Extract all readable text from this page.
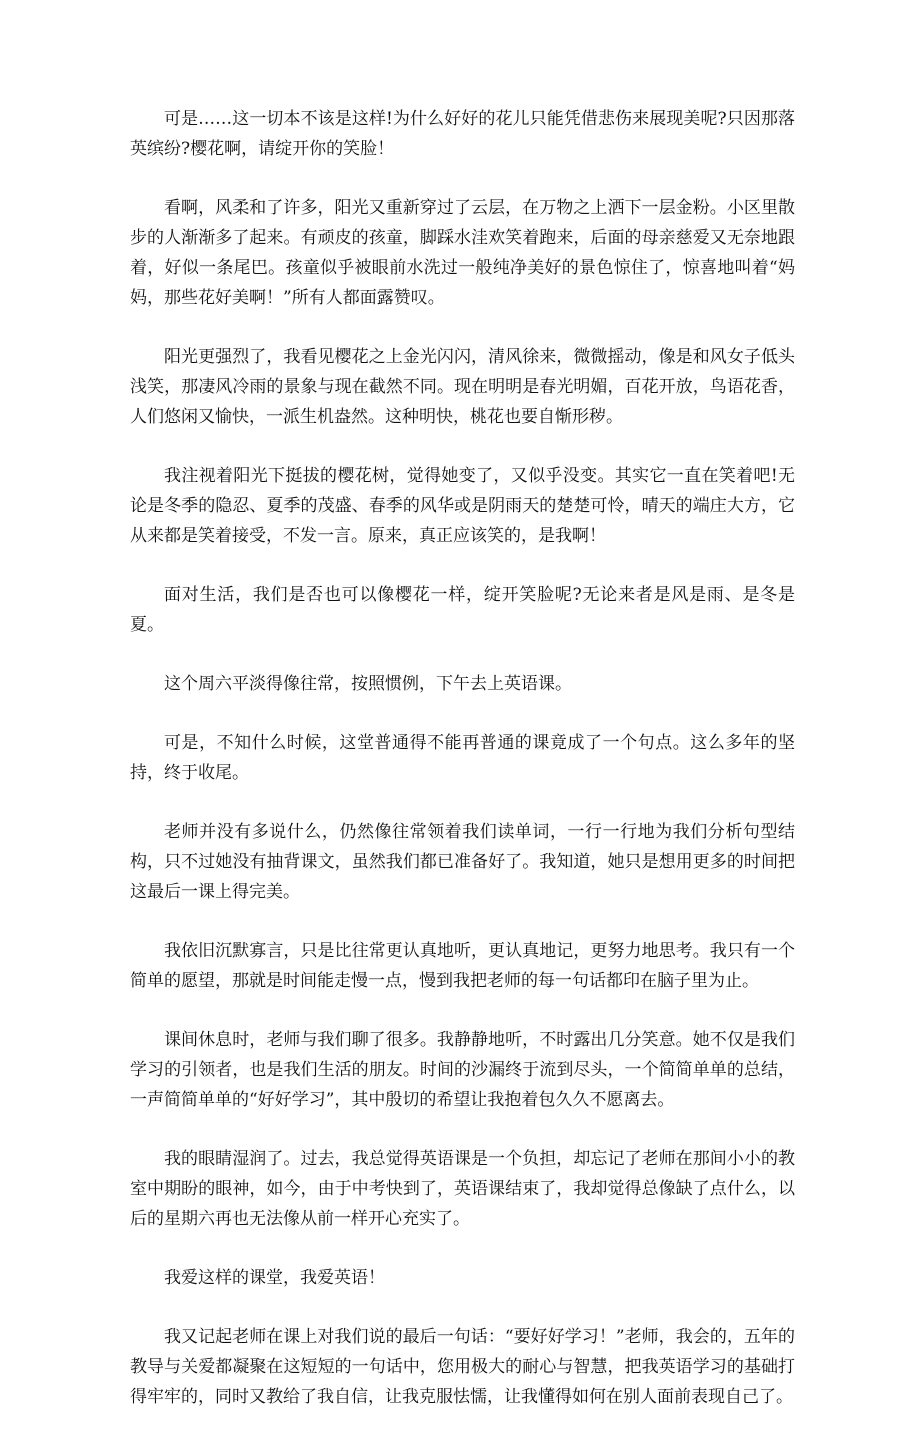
可是……这一切本不该是这样!为什么好好的花儿只能凭借悲伤来展现美呢?只因那落英缤纷?樱花啊，请绽开你的笑脸！

看啊，风柔和了许多，阳光又重新穿过了云层，在万物之上洒下一层金粉。小区里散步的人渐渐多了起来。有顽皮的孩童，脚踩水洼欢笑着跑来，后面的母亲慈爱又无奈地跟着，好似一条尾巴。孩童似乎被眼前水洗过一般纯净美好的景色惊住了，惊喜地叫着“妈妈，那些花好美啊！”所有人都面露赞叹。

阳光更强烈了，我看见樱花之上金光闪闪，清风徐来，微微摇动，像是和风女子低头浅笑，那凄风冷雨的景象与现在截然不同。现在明明是春光明媚，百花开放，鸟语花香，人们悠闲又愉快，一派生机盎然。这种明快，桃花也要自惭形秽。

我注视着阳光下挺拔的樱花树，觉得她变了，又似乎没变。其实它一直在笑着吧!无论是冬季的隐忍、夏季的茂盛、春季的风华或是阴雨天的楚楚可怜，晴天的端庄大方，它从来都是笑着接受，不发一言。原来，真正应该笑的，是我啊！

面对生活，我们是否也可以像樱花一样，绽开笑脸呢?无论来者是风是雨、是冬是夏。

这个周六平淡得像往常，按照惯例，下午去上英语课。

可是，不知什么时候，这堂普通得不能再普通的课竟成了一个句点。这么多年的坚持，终于收尾。

老师并没有多说什么，仍然像往常领着我们读单词，一行一行地为我们分析句型结构，只不过她没有抽背课文，虽然我们都已准备好了。我知道，她只是想用更多的时间把这最后一课上得完美。

我依旧沉默寡言，只是比往常更认真地听，更认真地记，更努力地思考。我只有一个简单的愿望，那就是时间能走慢一点，慢到我把老师的每一句话都印在脑子里为止。

课间休息时，老师与我们聊了很多。我静静地听，不时露出几分笑意。她不仅是我们学习的引领者，也是我们生活的朋友。时间的沙漏终于流到尽头，一个简简单单的总结，一声简简单单的“好好学习”，其中殷切的希望让我抱着包久久不愿离去。

我的眼睛湿润了。过去，我总觉得英语课是一个负担，却忘记了老师在那间小小的教室中期盼的眼神，如今，由于中考快到了，英语课结束了，我却觉得总像缺了点什么，以后的星期六再也无法像从前一样开心充实了。

我爱这样的课堂，我爱英语！

我又记起老师在课上对我们说的最后一句话：“要好好学习！”老师，我会的，五年的教导与关爱都凝聚在这短短的一句话中，您用极大的耐心与智慧，把我英语学习的基础打得牢牢的，同时又教给了我自信，让我克服怯懦，让我懂得如何在别人面前表现自己了。
